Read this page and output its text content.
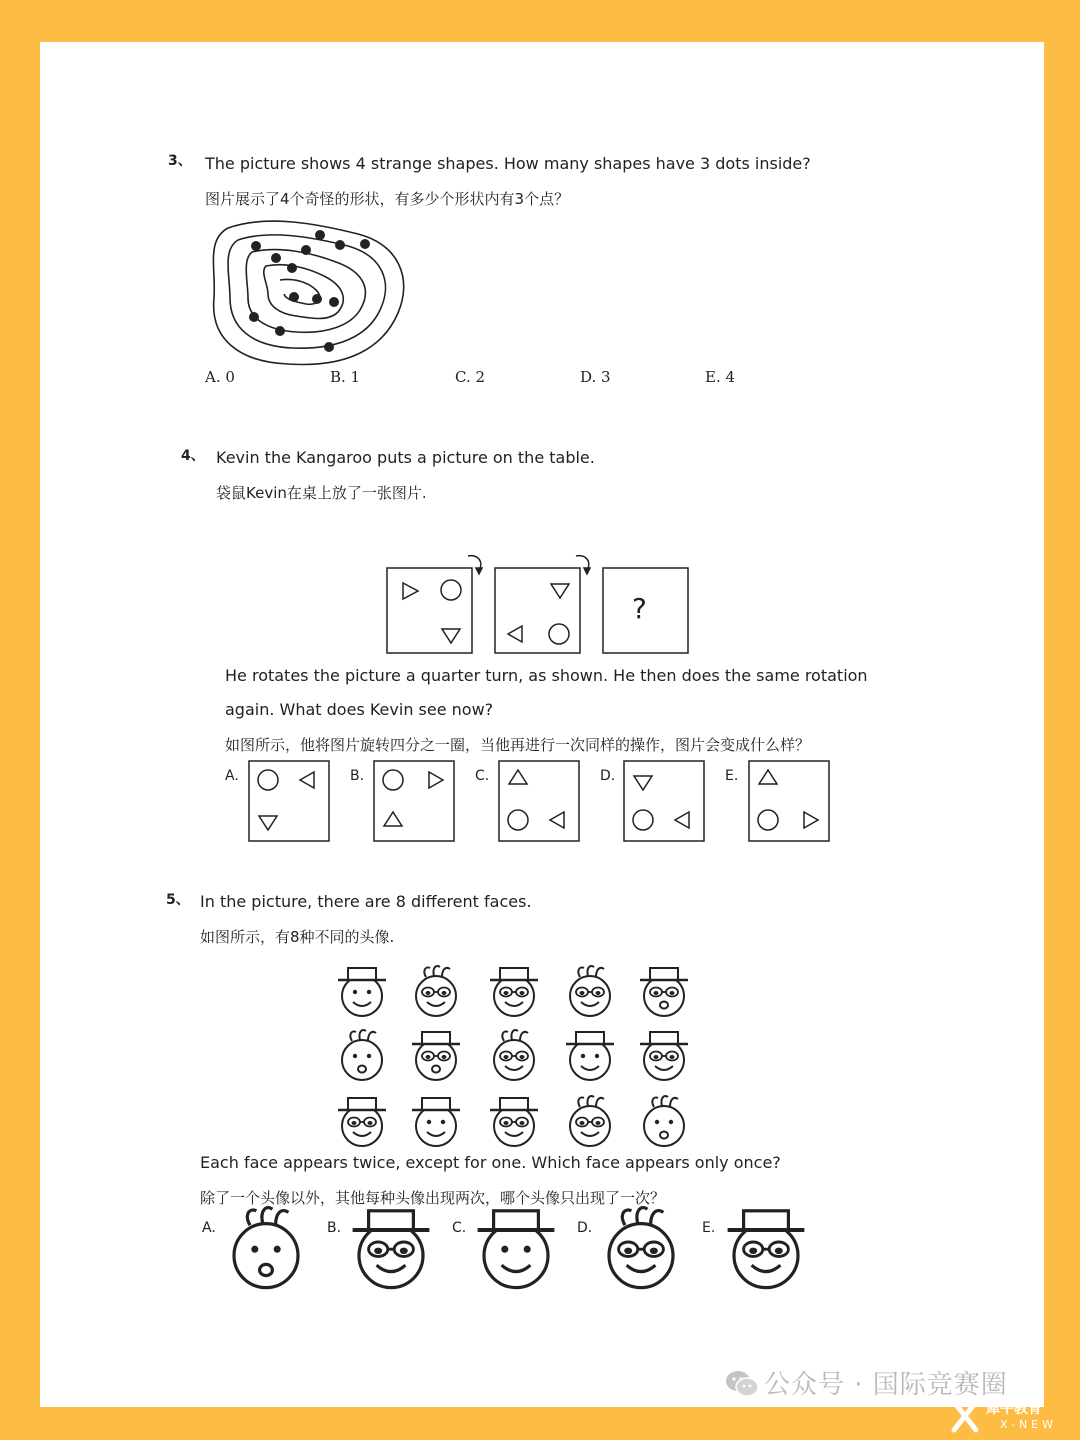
3、 The picture shows 4 strange shapes. How many shapes have 3 dots inside?
图片展示了4个奇怪的形状，有多少个形状内有3个点？
A. 0	B. 1	C. 2	D. 3	E. 4
4、 Kevin the Kangaroo puts a picture on the table.
袋鼠Kevin在桌上放了一张图片.
?
He rotates the picture a quarter turn, as shown. He then does the same rotation
again. What does Kevin see now?
如图所示，他将图片旋转四分之一圈，当他再进行一次同样的操作，图片会变成什么样？
A.	B.	C.	D.	E.
5、 In the picture, there are 8 different faces.
如图所示，有8种不同的头像.
Each face appears twice, except for one. Which face appears only once?
除了一个头像以外，其他每种头像出现两次，哪个头像只出现了一次？
A.	B.	C.	D.	E.
公众号 · 国际竞赛圈
犀牛教育
X-NEW
